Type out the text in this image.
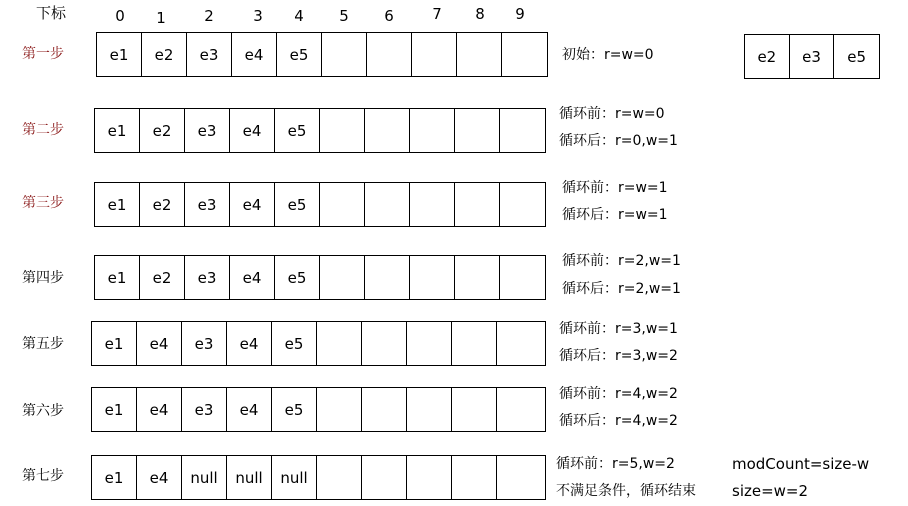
下标	0	1	2	3	4	5	6	7	8	9
第一步	e1	e2	e3	e4	e5	初始：r=w=0	e2	e3	e5
第二步	e1	e2	e3	e4	e5
循环前：r=w=0
循环后：r=0,w=1
第三步	e1	e2	e3	e4	e5
循环前：r=w=1
循环后：r=w=1
第四步	e1	e2	e3	e4	e5
循环前：r=2,w=1
循环后：r=2,w=1
第五步	e1	e4	e3	e4	e5
循环前：r=3,w=1
循环后：r=3,w=2
第六步	e1	e4	e3	e4	e5
循环前：r=4,w=2
循环后：r=4,w=2
第七步	e1	e4	null	null	null
循环前：r=5,w=2
不满足条件，循环结束
modCount=size-w
size=w=2
